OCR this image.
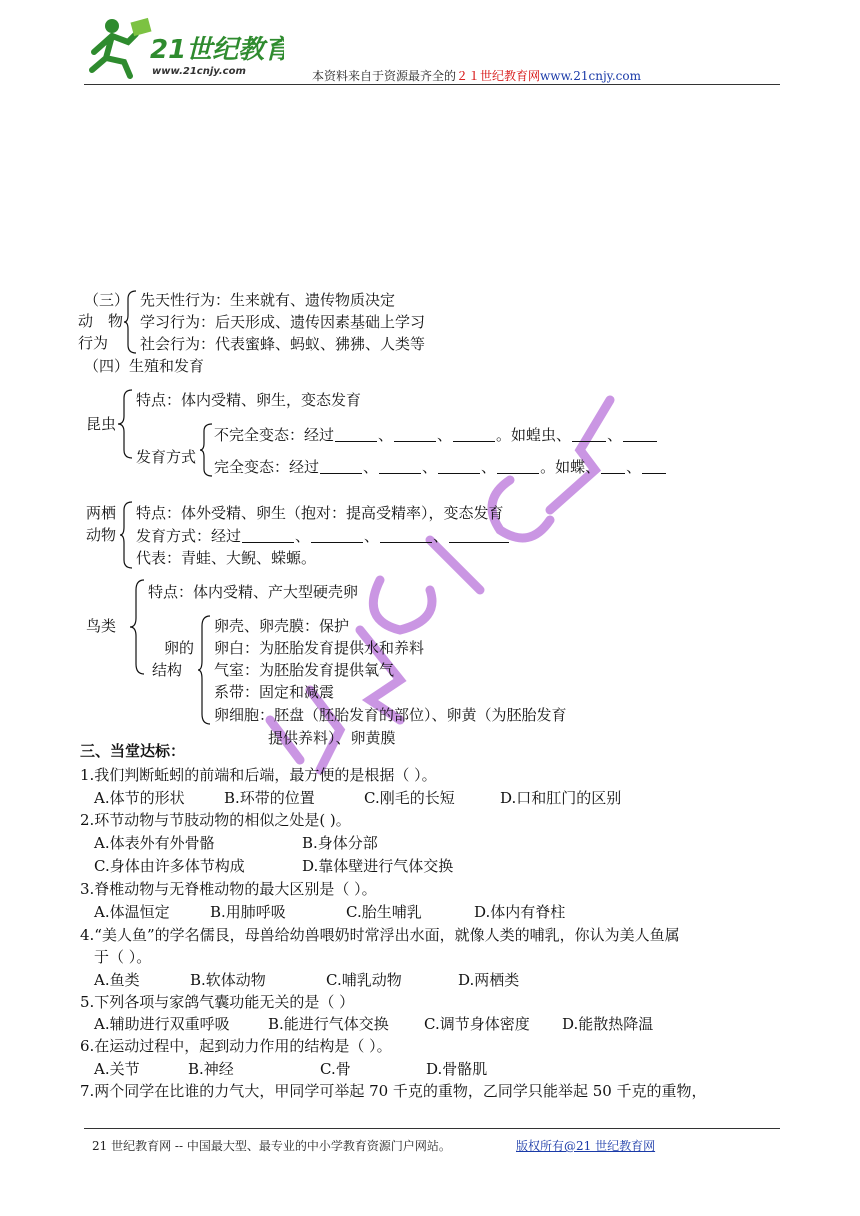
21世纪教育
www.21cnjy.com	本资料来自于资源最齐全的２１世纪教育网www.21cnjy.com
（三）
动　物
行为
先天性行为：生来就有、遗传物质决定
学习行为：后天形成、遗传因素基础上学习
社会行为：代表蜜蜂、蚂蚁、狒狒、人类等
（四）生殖和发育
昆虫
特点：体内受精、卵生，变态发育
发育方式
不完全变态：经过	、	、	。如蝗虫、 、
完全变态：经过	、	、	、	。如蝶、 、
两栖
动物
特点：体外受精、卵生（抱对：提高受精率），变态发育
发育方式：经过	、	、	、
代表：青蛙、大鲵、蝾螈。
鸟类
特点：体内受精、产大型硬壳卵
卵的
结构
卵壳、卵壳膜：保护
卵白：为胚胎发育提供水和养料
气室：为胚胎发育提供氧气
系带：固定和减震
卵细胞：胚盘（胚胎发育的部位）、卵黄（为胚胎发育
提供养料）、卵黄膜
三、当堂达标：
1.我们判断蚯蚓的前端和后端，最方便的是根据（ ）。
A.体节的形状	B.环带的位置	C.刚毛的长短	D.口和肛门的区别
2.环节动物与节肢动物的相似之处是( )。
A.体表外有外骨骼	B.身体分部
C.身体由许多体节构成	D.靠体壁进行气体交换
3.脊椎动物与无脊椎动物的最大区别是（ ）。
A.体温恒定	B.用肺呼吸	C.胎生哺乳	D.体内有脊柱
4.“美人鱼”的学名儒艮，母兽给幼兽喂奶时常浮出水面，就像人类的哺乳，你认为美人鱼属
于（ ）。
A.鱼类	B.软体动物	C.哺乳动物	D.两栖类
5.下列各项与家鸽气囊功能无关的是（ ）
A.辅助进行双重呼吸	B.能进行气体交换 C.调节身体密度 D.能散热降温
6.在运动过程中，起到动力作用的结构是（ ）。
A.关节	B.神经	C.骨	D.骨骼肌
7.两个同学在比谁的力气大，甲同学可举起 70 千克的重物，乙同学只能举起 50 千克的重物，
21 世纪教育网 -- 中国最大型、最专业的中小学教育资源门户网站。	版权所有@21 世纪教育网
